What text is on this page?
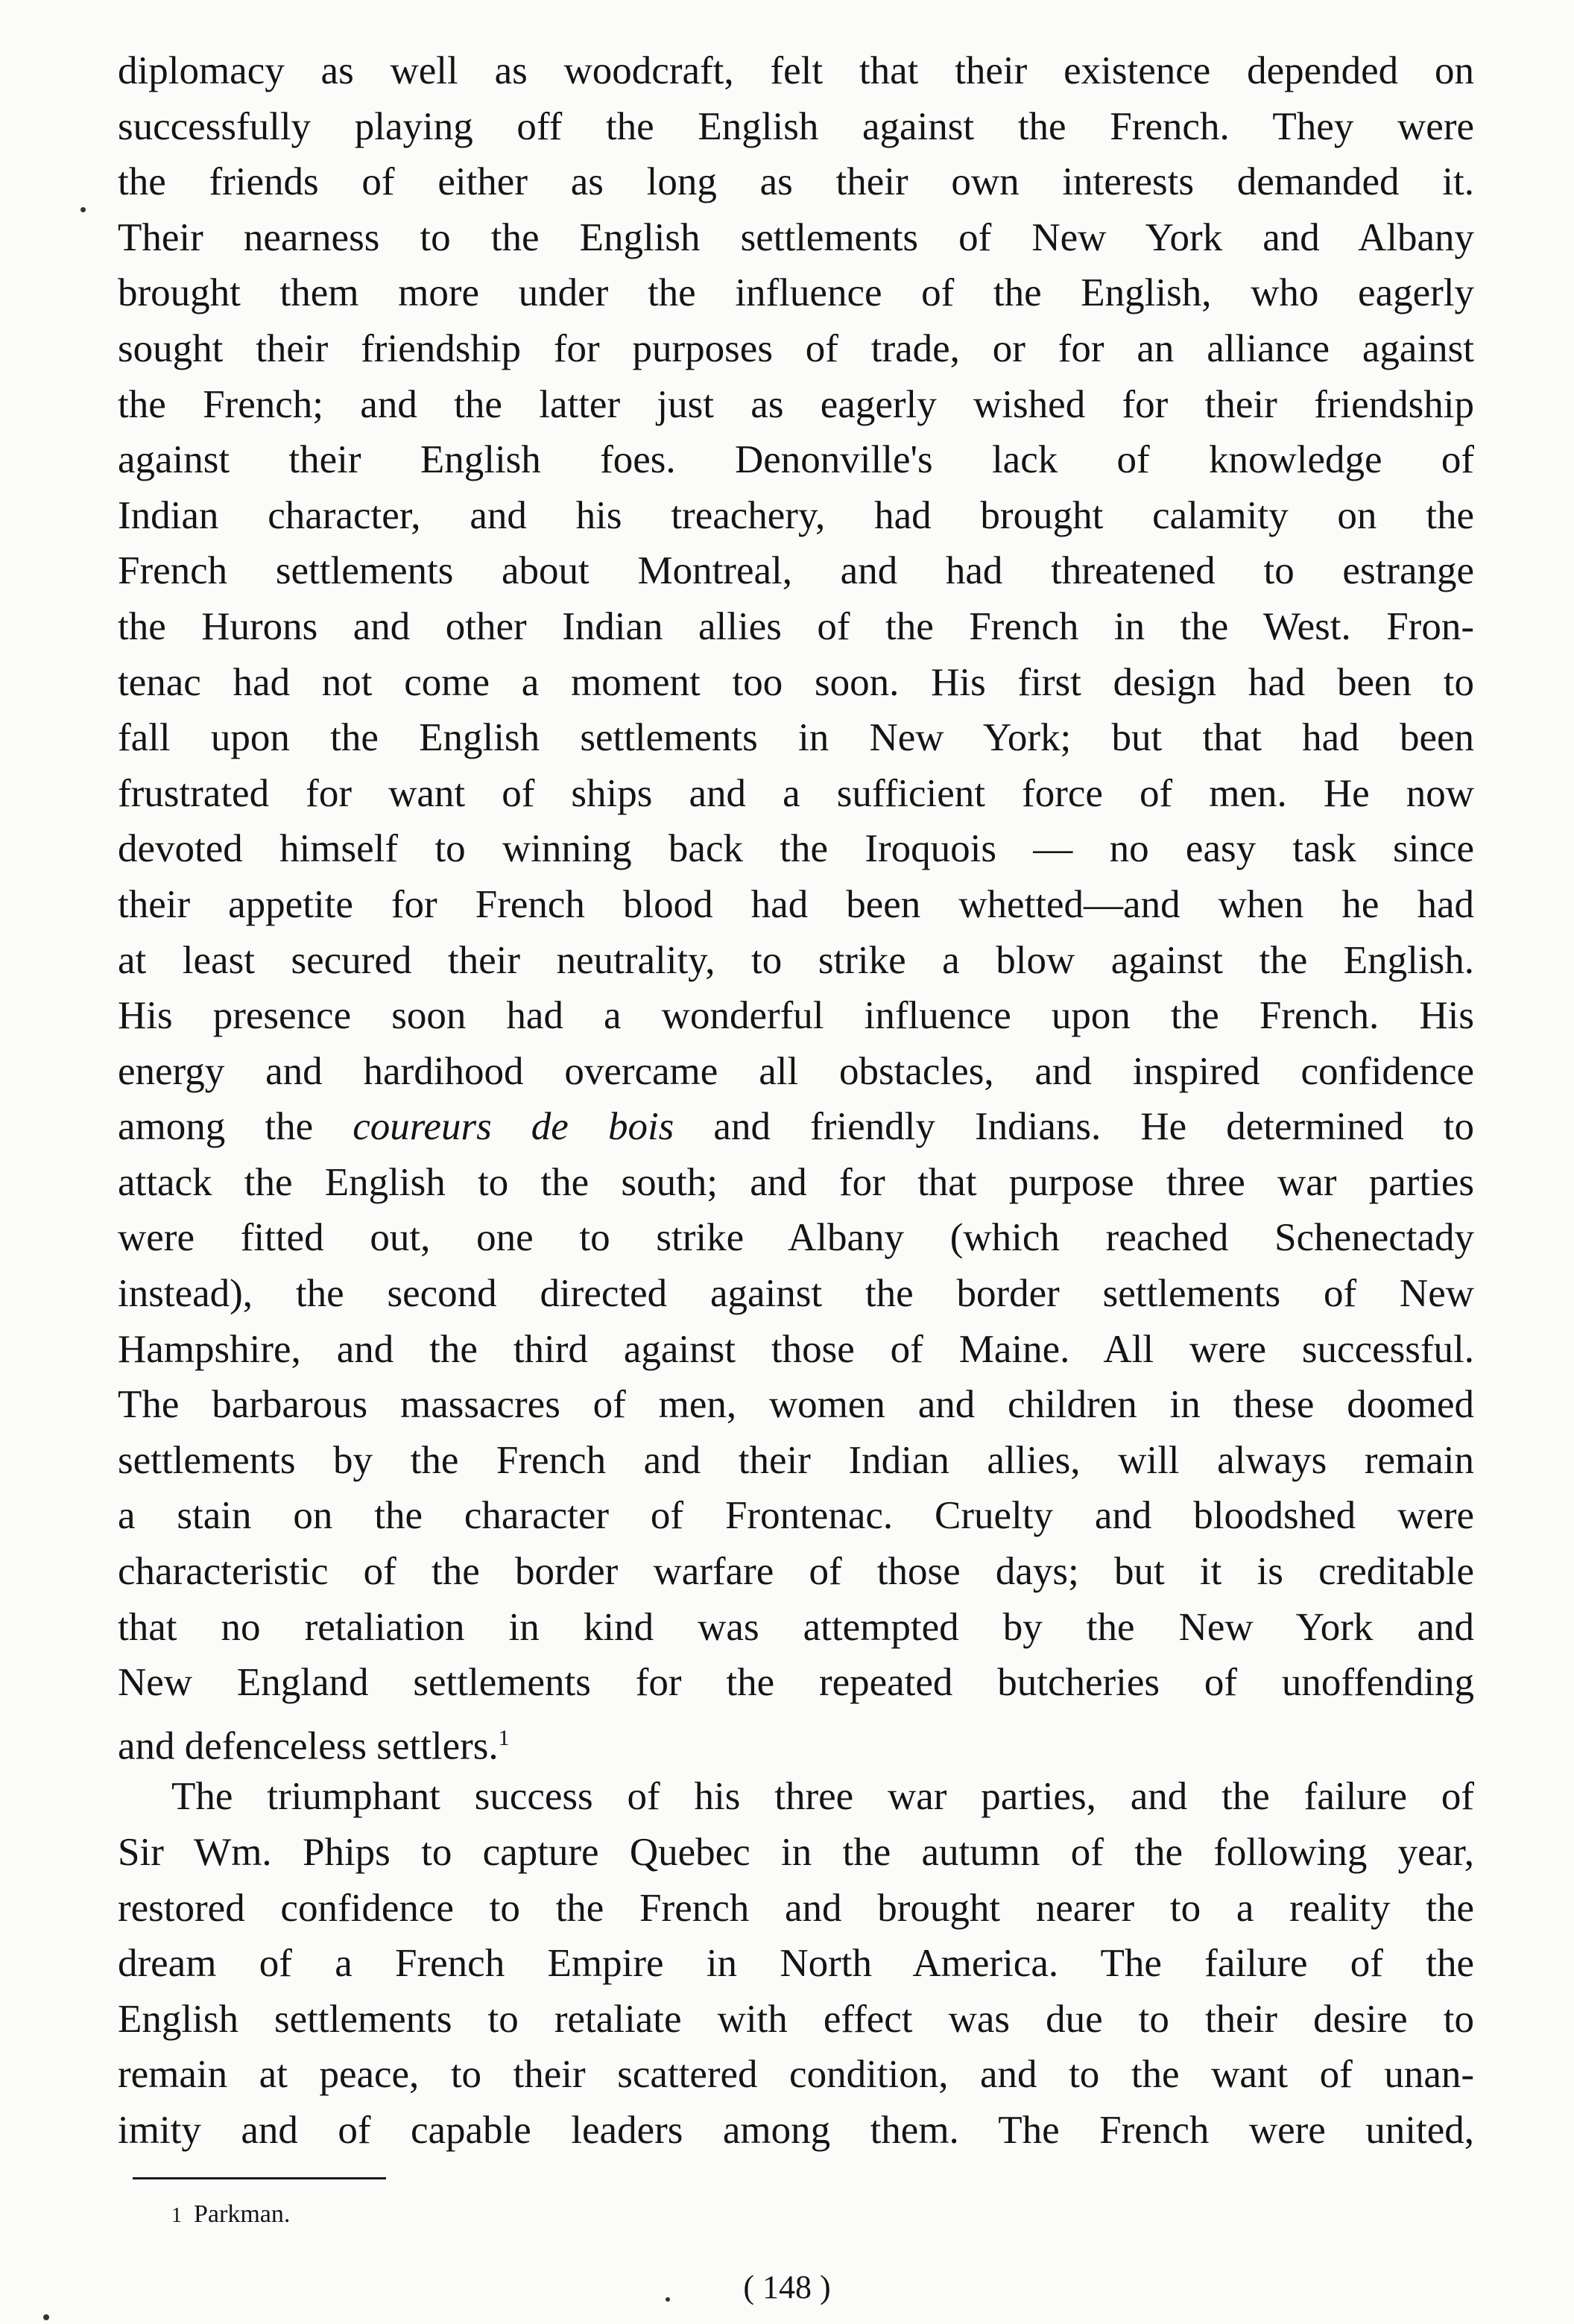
diplomacy as well as woodcraft, felt that their existence depended on
successfully playing off the English against the French. They were
the friends of either as long as their own interests demanded it.
Their nearness to the English settlements of New York and Albany
brought them more under the influence of the English, who eagerly
sought their friendship for purposes of trade, or for an alliance against
the French; and the latter just as eagerly wished for their friendship
against their English foes. Denonville's lack of knowledge of
Indian character, and his treachery, had brought calamity on the
French settlements about Montreal, and had threatened to estrange
the Hurons and other Indian allies of the French in the West. Fron-
tenac had not come a moment too soon. His first design had been to
fall upon the English settlements in New York; but that had been
frustrated for want of ships and a sufficient force of men. He now
devoted himself to winning back the Iroquois — no easy task since
their appetite for French blood had been whetted—and when he had
at least secured their neutrality, to strike a blow against the English.
His presence soon had a wonderful influence upon the French. His
energy and hardihood overcame all obstacles, and inspired confidence
among the coureurs de bois and friendly Indians. He determined to
attack the English to the south; and for that purpose three war parties
were fitted out, one to strike Albany (which reached Schenectady
instead), the second directed against the border settlements of New
Hampshire, and the third against those of Maine. All were successful.
The barbarous massacres of men, women and children in these doomed
settlements by the French and their Indian allies, will always remain
a stain on the character of Frontenac. Cruelty and bloodshed were
characteristic of the border warfare of those days; but it is creditable
that no retaliation in kind was attempted by the New York and
New England settlements for the repeated butcheries of unoffending
and defenceless settlers.$^1$
The triumphant success of his three war parties, and the failure of
Sir Wm. Phips to capture Quebec in the autumn of the following year,
restored confidence to the French and brought nearer to a reality the
dream of a French Empire in North America. The failure of the
English settlements to retaliate with effect was due to their desire to
remain at peace, to their scattered condition, and to the want of unan-
imity and of capable leaders among them. The French were united,
1 Parkman.
( 148 )
